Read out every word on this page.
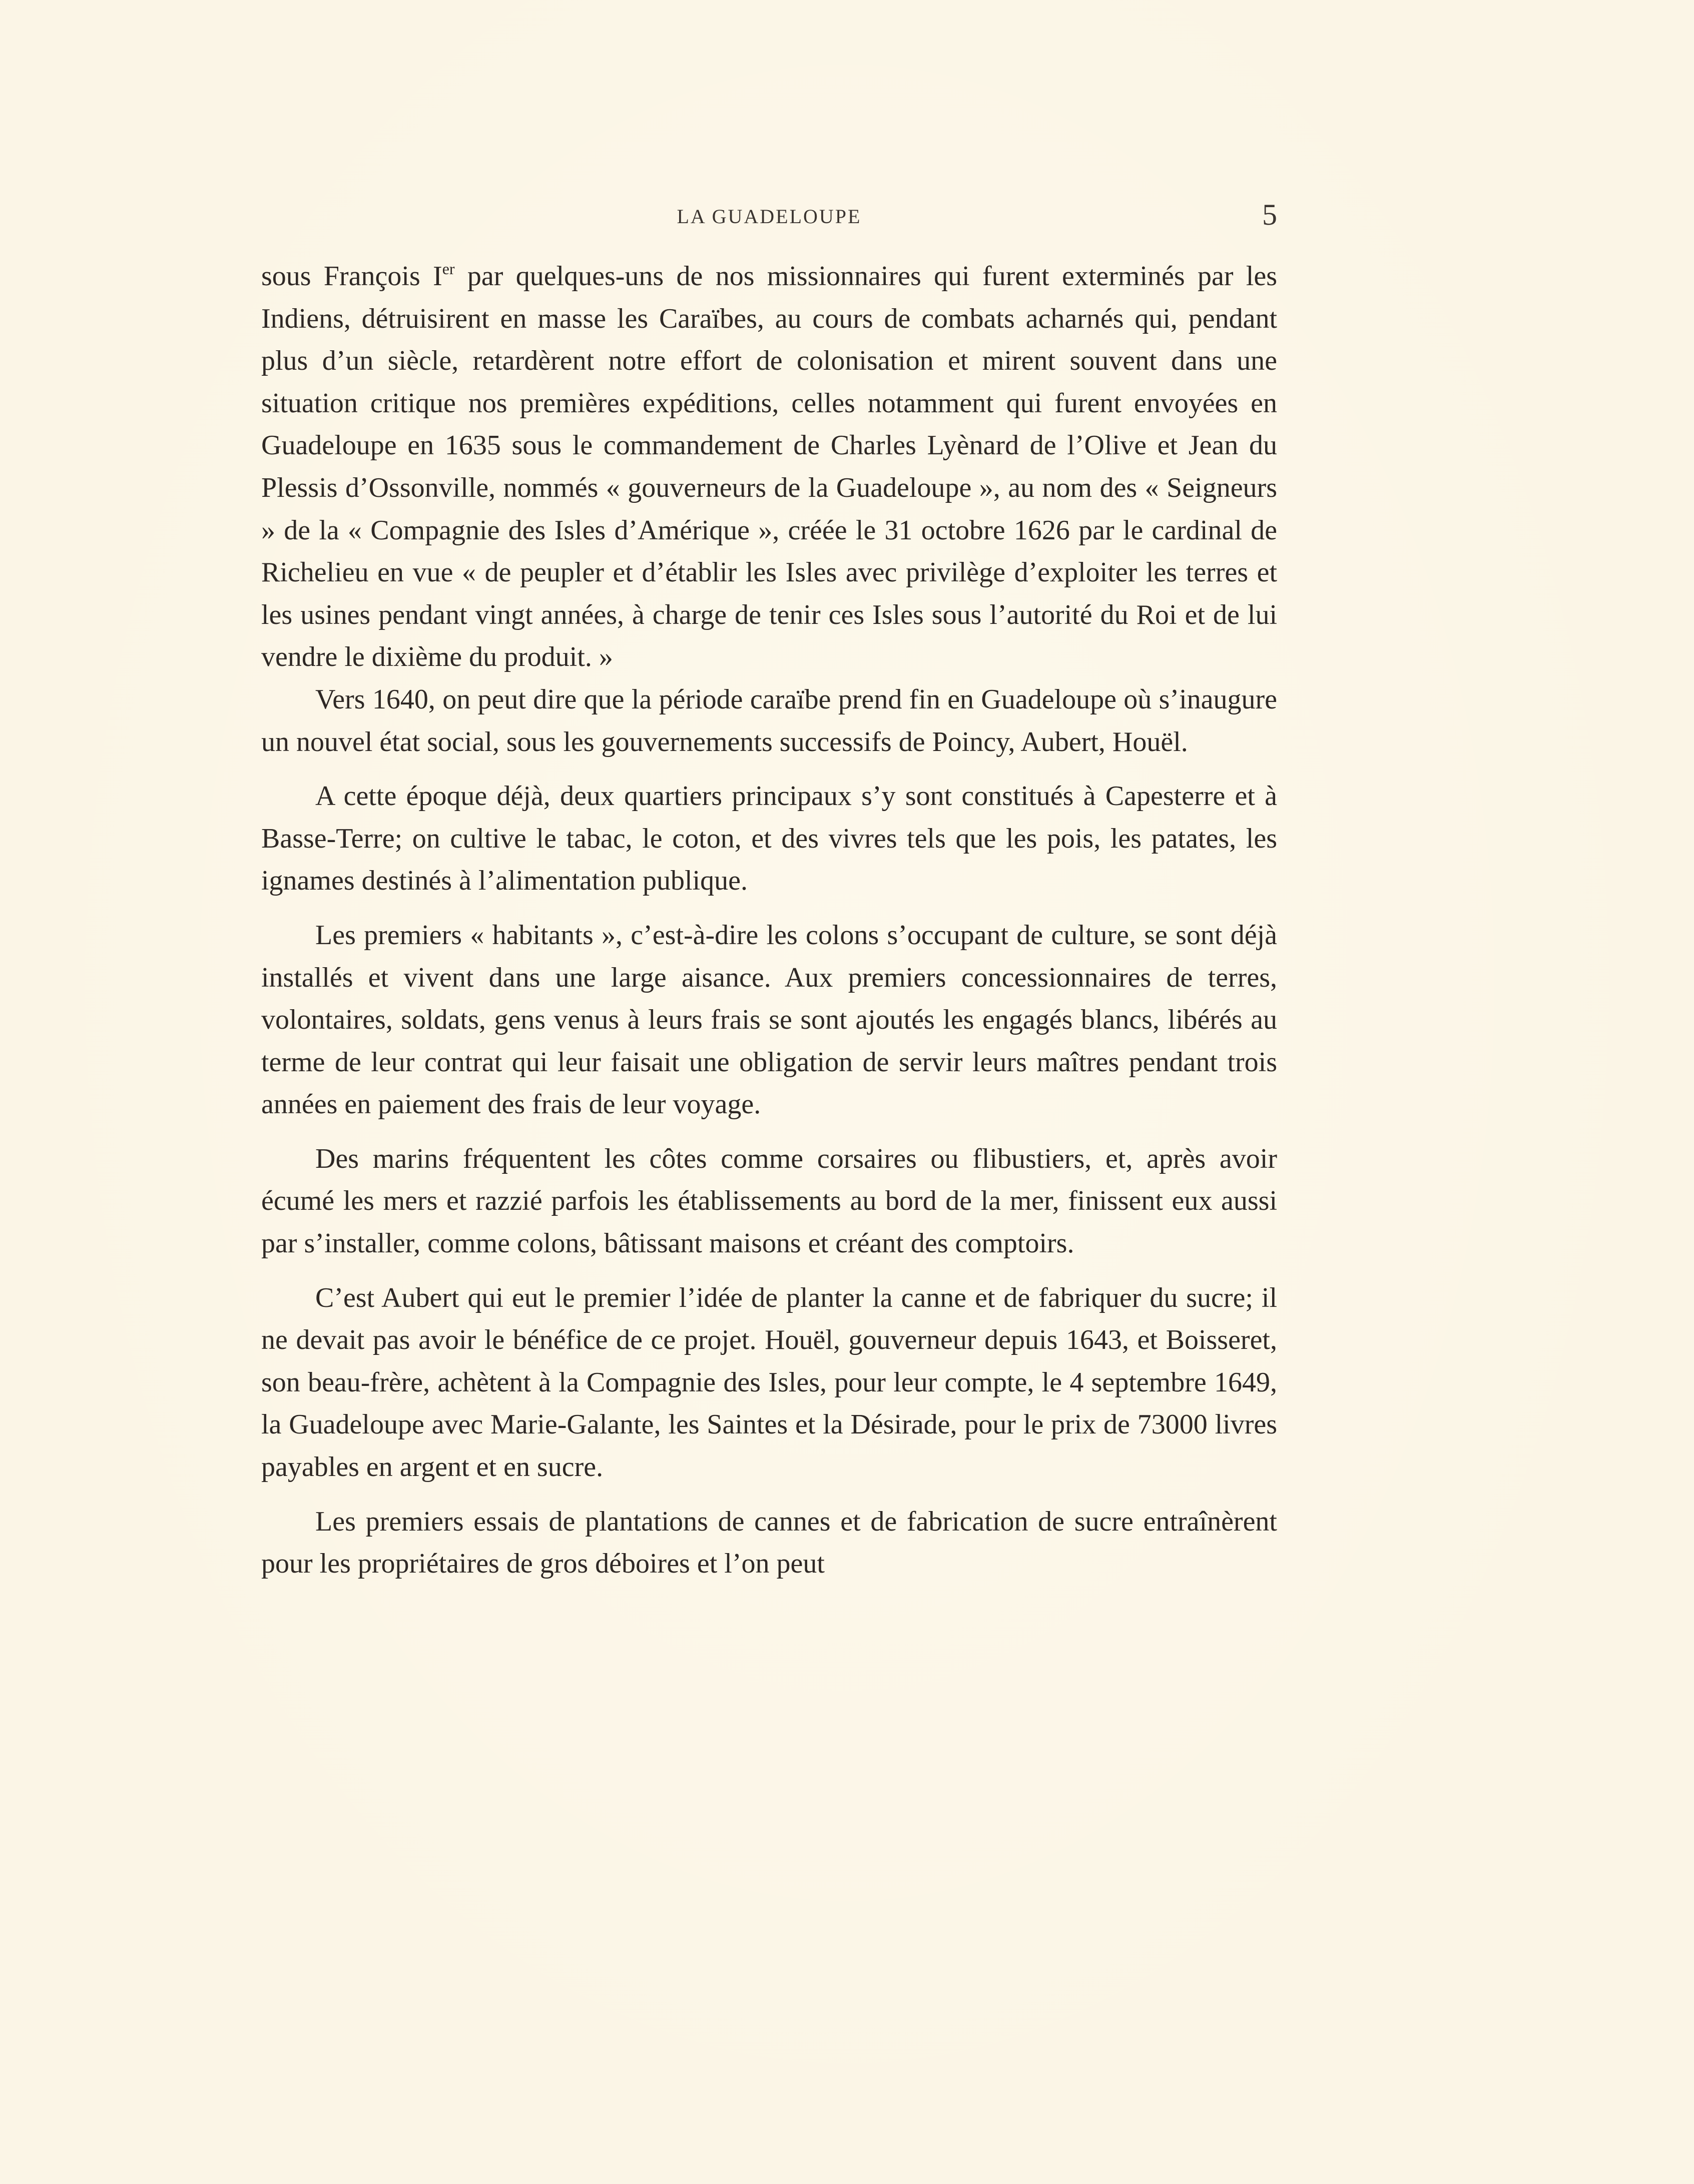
LA GUADELOUPE	5

sous François Ier par quelques-uns de nos missionnaires qui furent exterminés par les Indiens, détruisirent en masse les Caraïbes, au cours de combats acharnés qui, pendant plus d’un siècle, retardèrent notre effort de colonisation et mirent souvent dans une situation critique nos premières expéditions, celles notamment qui furent envoyées en Guadeloupe en 1635 sous le commandement de Charles Lyènard de l’Olive et Jean du Plessis d’Ossonville, nommés « gouverneurs de la Guadeloupe », au nom des « Seigneurs » de la « Compagnie des Isles d’Amérique », créée le 31 octobre 1626 par le cardinal de Richelieu en vue « de peupler et d’établir les Isles avec privilège d’exploiter les terres et les usines pendant vingt années, à charge de tenir ces Isles sous l’autorité du Roi et de lui vendre le dixième du produit. »

Vers 1640, on peut dire que la période caraïbe prend fin en Guadeloupe où s’inaugure un nouvel état social, sous les gouvernements successifs de Poincy, Aubert, Houël.

A cette époque déjà, deux quartiers principaux s’y sont constitués à Capesterre et à Basse-Terre; on cultive le tabac, le coton, et des vivres tels que les pois, les patates, les ignames destinés à l’alimentation publique.

Les premiers « habitants », c’est-à-dire les colons s’occupant de culture, se sont déjà installés et vivent dans une large aisance. Aux premiers concessionnaires de terres, volontaires, soldats, gens venus à leurs frais se sont ajoutés les engagés blancs, libérés au terme de leur contrat qui leur faisait une obligation de servir leurs maîtres pendant trois années en paiement des frais de leur voyage.

Des marins fréquentent les côtes comme corsaires ou flibustiers, et, après avoir écumé les mers et razzié parfois les établissements au bord de la mer, finissent eux aussi par s’installer, comme colons, bâtissant maisons et créant des comptoirs.

C’est Aubert qui eut le premier l’idée de planter la canne et de fabriquer du sucre; il ne devait pas avoir le bénéfice de ce projet. Houël, gouverneur depuis 1643, et Boisseret, son beau-frère, achètent à la Compagnie des Isles, pour leur compte, le 4 septembre 1649, la Guadeloupe avec Marie-Galante, les Saintes et la Désirade, pour le prix de 73000 livres payables en argent et en sucre.

Les premiers essais de plantations de cannes et de fabrication de sucre entraînèrent pour les propriétaires de gros déboires et l’on peut
